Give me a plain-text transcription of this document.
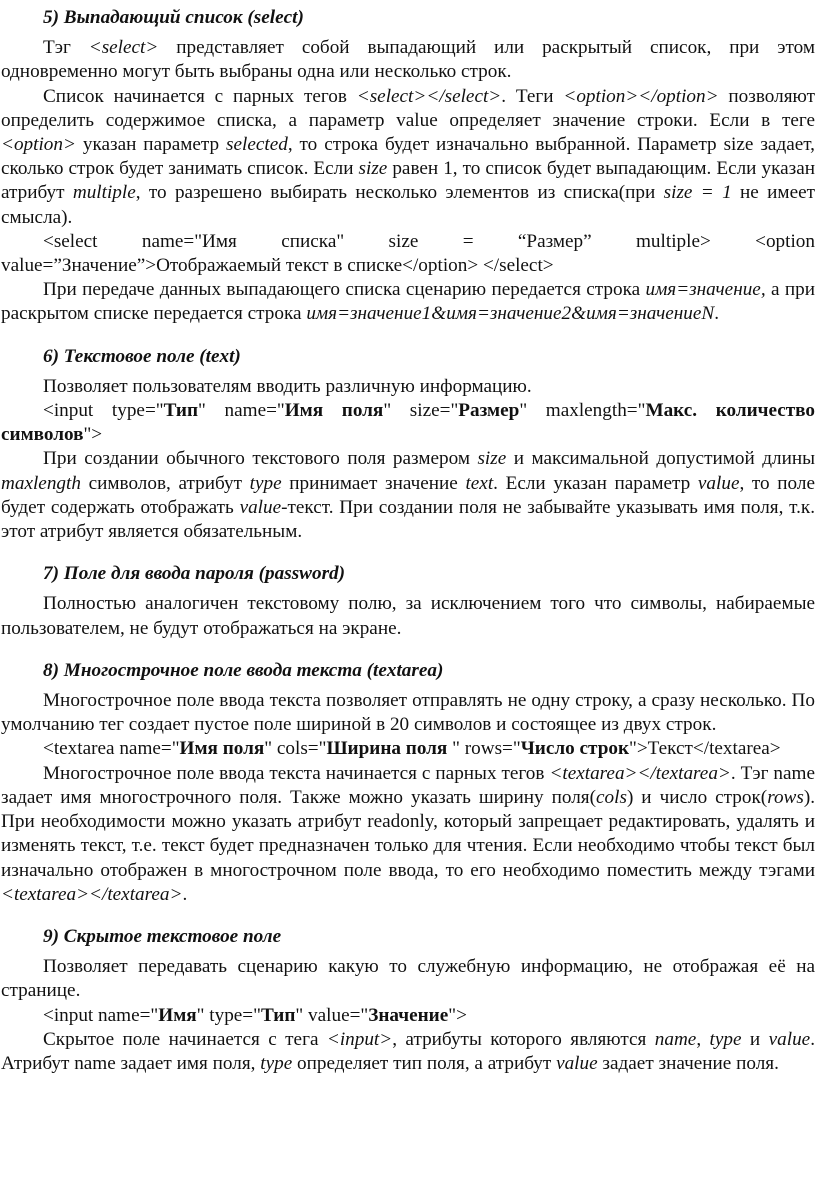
5) Выпадающий список (select)

Тэг <select> представляет собой выпадающий или раскрытый список, при этом одновременно могут быть выбраны одна или несколько строк.

Список начинается с парных тегов <select></select>. Теги <option></option> позволяют определить содержимое списка, а параметр value определяет значение строки. Если в теге <option> указан параметр selected, то строка будет изначально выбранной. Параметр size задает, сколько строк будет занимать список. Если size равен 1, то список будет выпадающим. Если указан атрибут multiple, то разрешено выбирать несколько элементов из списка(при size = 1 не имеет смысла).

<select name="Имя списка" size = “Размер” multiple> <option value=”Значение”>Отображаемый текст в списке</option> </select>

При передаче данных выпадающего списка сценарию передается строка имя=значение, а при раскрытом списке передается строка имя=значение1&имя=значение2&имя=значениеN.

6) Текстовое поле (text)

Позволяет пользователям вводить различную информацию.

<input type="Тип" name="Имя поля" size="Размер" maxlength="Макс. количество символов">

При создании обычного текстового поля размером size и максимальной допустимой длины maxlength символов, атрибут type принимает значение text. Если указан параметр value, то поле будет содержать отображать value-текст. При создании поля не забывайте указывать имя поля, т.к. этот атрибут является обязательным.

7) Поле для ввода пароля (password)

Полностью аналогичен текстовому полю, за исключением того что символы, набираемые пользователем, не будут отображаться на экране.

8) Многострочное поле ввода текста (textarea)

Многострочное поле ввода текста позволяет отправлять не одну строку, а сразу несколько. По умолчанию тег создает пустое поле шириной в 20 символов и состоящее из двух строк.

<textarea name="Имя поля" cols="Ширина поля " rows="Число строк">Текст</textarea>

Многострочное поле ввода текста начинается с парных тегов <textarea></textarea>. Тэг name задает имя многострочного поля. Также можно указать ширину поля(cols) и число строк(rows). При необходимости можно указать атрибут readonly, который запрещает редактировать, удалять и изменять текст, т.е. текст будет предназначен только для чтения. Если необходимо чтобы текст был изначально отображен в многострочном поле ввода, то его необходимо поместить между тэгами <textarea></textarea>.

9) Скрытое текстовое поле

Позволяет передавать сценарию какую то служебную информацию, не отображая её на странице.

<input name="Имя" type="Тип" value="Значение">

Скрытое поле начинается с тега <input>, атрибуты которого являются name, type и value. Атрибут name задает имя поля, type определяет тип поля, а атрибут value задает значение поля.
